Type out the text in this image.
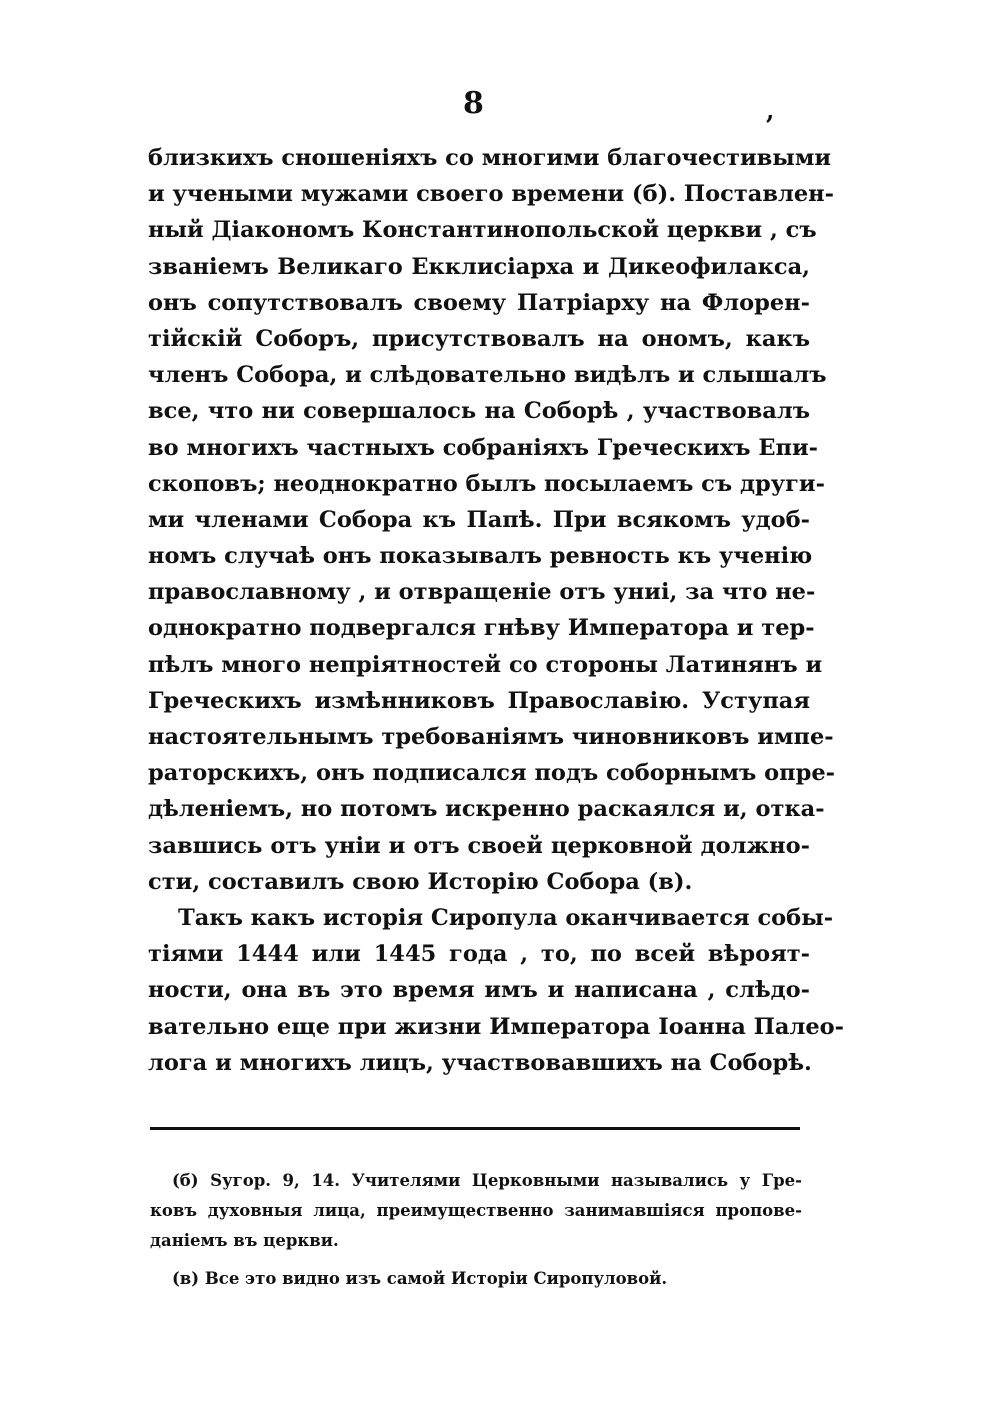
8	,
близкихъ сношеніяхъ со многими благочестивыми
и учеными мужами своего времени (б). Поставлен-
ный Діакономъ Константинопольской церкви , съ
званіемъ Великаго Екклисіарха и Дикеофилакса,
онъ сопутствовалъ своему Патріарху на Флорен-
тійскій Соборъ, присутствовалъ на ономъ, какъ
членъ Собора, и слѣдовательно видѣлъ и слышалъ
все, что ни совершалось на Соборѣ , участвовалъ
во многихъ частныхъ собраніяхъ Греческихъ Епи-
скоповъ; неоднократно былъ посылаемъ съ други-
ми членами Собора къ Папѣ. При всякомъ удоб-
номъ случаѣ онъ показывалъ ревность къ ученію
православному , и отвращеніе отъ униі, за что не-
однократно подвергался гнѣву Императора и тер-
пѣлъ много непріятностей со стороны Латинянъ и
Греческихъ измѣнниковъ Православію. Уступая
настоятельнымъ требованіямъ чиновниковъ импе-
раторскихъ, онъ подписался подъ соборнымъ опре-
дѣленіемъ, но потомъ искренно раскаялся и, отка-
завшись отъ уніи и отъ своей церковной должно-
сти, составилъ свою Исторію Собора (в).
Такъ какъ исторія Сиропула оканчивается собы-
тіями 1444 или 1445 года , то, по всей вѣроят-
ности, она въ это время имъ и написана , слѣдо-
вательно еще при жизни Императора Іоанна Палео-
лога и многихъ лицъ, участвовавшихъ на Соборѣ.
(б) Sугор. 9, 14. Учителями Церковными назывались у Гре-
ковъ духовныя лица, преимущественно занимавшіяся пропове-
даніемъ въ церкви.
(в) Все это видно изъ самой Исторіи Сиропуловой.
